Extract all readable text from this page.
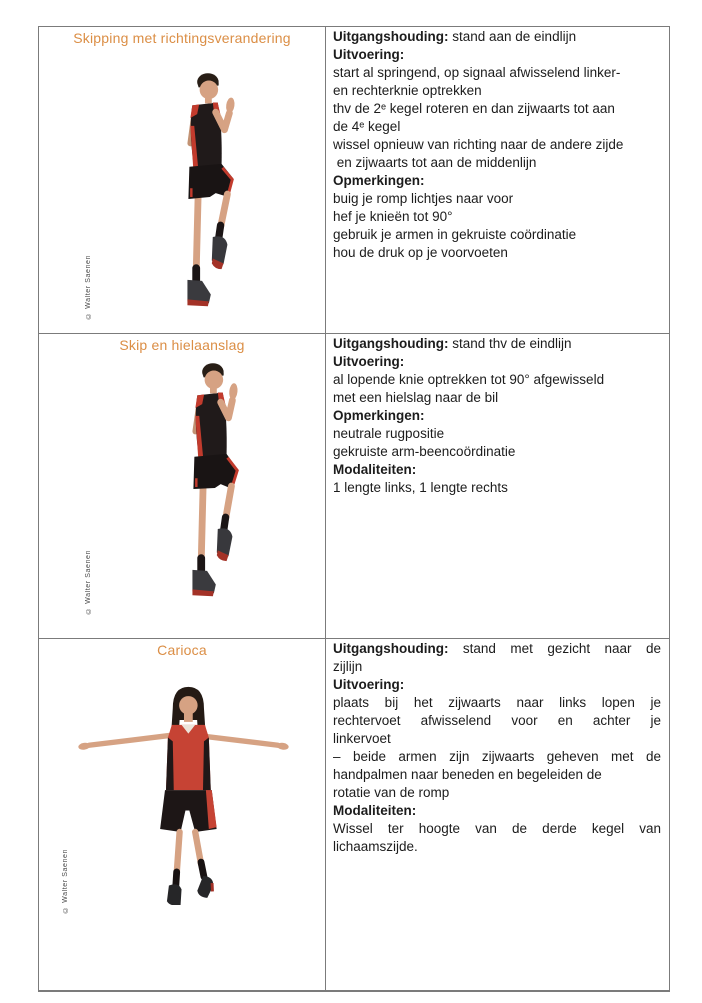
Skipping met richtingsverandering
© Walter Saenen
Uitgangshouding: stand aan de eindlijn
Uitvoering:
start al springend, op signaal afwisselend linker-
en rechterknie optrekken
thv de 2ᵉ kegel roteren en dan zijwaarts tot aan
de 4ᵉ kegel
wissel opnieuw van richting naar de andere zijde
en zijwaarts tot aan de middenlijn
Opmerkingen:
buig je romp lichtjes naar voor
hef je knieën tot 90°
gebruik je armen in gekruiste coördinatie
hou de druk op je voorvoeten
Skip en hielaanslag
© Walter Saenen
Uitgangshouding: stand thv de eindlijn
Uitvoering:
al lopende knie optrekken tot 90° afgewisseld
met een hielslag naar de bil
Opmerkingen:
neutrale rugpositie
gekruiste arm-beencoördinatie
Modaliteiten:
1 lengte links, 1 lengte rechts
Carioca
© Walter Saenen
Uitgangshouding: stand met gezicht naar de
zijlijn
Uitvoering:
plaats bij het zijwaarts naar links lopen je
rechtervoet afwisselend voor en achter je
linkervoet
– beide armen zijn zijwaarts geheven met de
handpalmen naar beneden en begeleiden de
rotatie van de romp
Modaliteiten:
Wissel ter hoogte van de derde kegel van
lichaamszijde.
